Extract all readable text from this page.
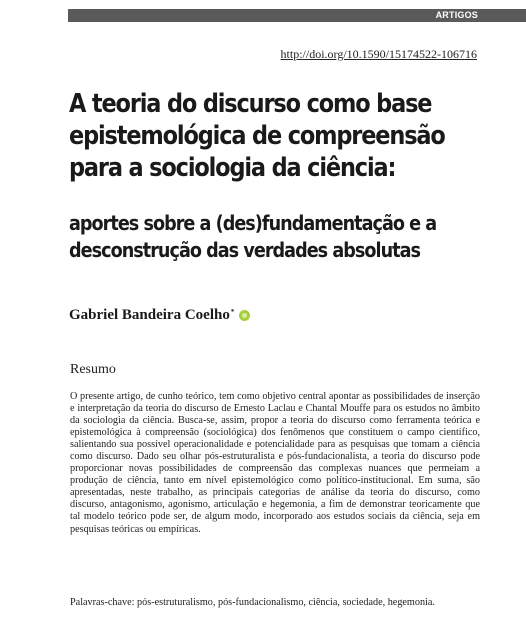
ARTIGOS
http://doi.org/10.1590/15174522-106716
A teoria do discurso como base
epistemológica de compreensão
para a sociologia da ciência:
aportes sobre a (des)fundamentação e a
desconstrução das verdades absolutas
Gabriel Bandeira Coelho*
Resumo

O presente artigo, de cunho teórico, tem como objetivo central apontar as possibilidades de inserção e interpretação da teoria do discurso de Ernesto Laclau e Chantal Mouffe para os estudos no âmbito da sociologia da ciência. Busca-se, assim, propor a teoria do discurso como ferramenta teórica e epistemológica à compreensão (sociológica) dos fenômenos que constituem o campo científico, salientando sua possível operacionalidade e potencialidade para as pesquisas que tomam a ciência como discurso. Dado seu olhar pós-estruturalista e pós-fundacionalista, a teoria do discurso pode proporcionar novas possibilidades de compreensão das complexas nuances que permeiam a produção de ciência, tanto em nível epistemológico como político-institucional. Em suma, são apresentadas, neste trabalho, as principais categorias de análise da teoria do discurso, como discurso, antagonismo, agonismo, articulação e hegemonia, a fim de demonstrar teoricamente que tal modelo teórico pode ser, de algum modo, incorporado aos estudos sociais da ciência, seja em pesquisas teóricas ou empíricas.

Palavras-chave: pós-estruturalismo, pós-fundacionalismo, ciência, sociedade, hegemonia.
